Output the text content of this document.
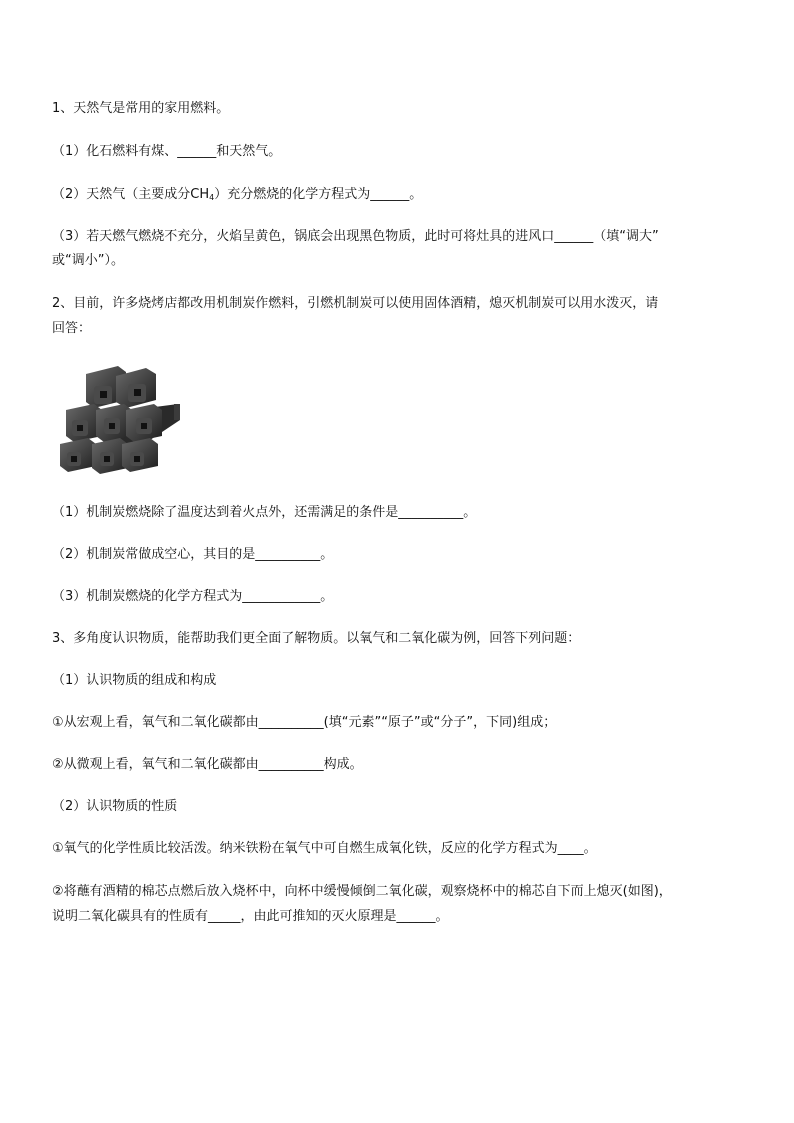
1、天然气是常用的家用燃料。
（1）化石燃料有煤、______和天然气。
（2）天然气（主要成分$CH_4$）充分燃烧的化学方程式为______。
（3）若天燃气燃烧不充分，火焰呈黄色，锅底会出现黑色物质，此时可将灶具的进风口______（填“调大”
或“调小”）。
2、目前，许多烧烤店都改用机制炭作燃料，引燃机制炭可以使用固体酒精，熄灭机制炭可以用水泼灭，请
回答：
（1）机制炭燃烧除了温度达到着火点外，还需满足的条件是__________。
（2）机制炭常做成空心，其目的是__________。
（3）机制炭燃烧的化学方程式为____________。
3、多角度认识物质，能帮助我们更全面了解物质。以氧气和二氧化碳为例，回答下列问题：
（1）认识物质的组成和构成
①从宏观上看，氧气和二氧化碳都由__________(填“元素”“原子”或“分子”，下同)组成；
②从微观上看，氧气和二氧化碳都由__________构成。
（2）认识物质的性质
①氧气的化学性质比较活泼。纳米铁粉在氧气中可自燃生成氧化铁，反应的化学方程式为____。
②将蘸有酒精的棉芯点燃后放入烧杯中，向杯中缓慢倾倒二氧化碳，观察烧杯中的棉芯自下而上熄灭(如图)，
说明二氧化碳具有的性质有_____，由此可推知的灭火原理是______。
